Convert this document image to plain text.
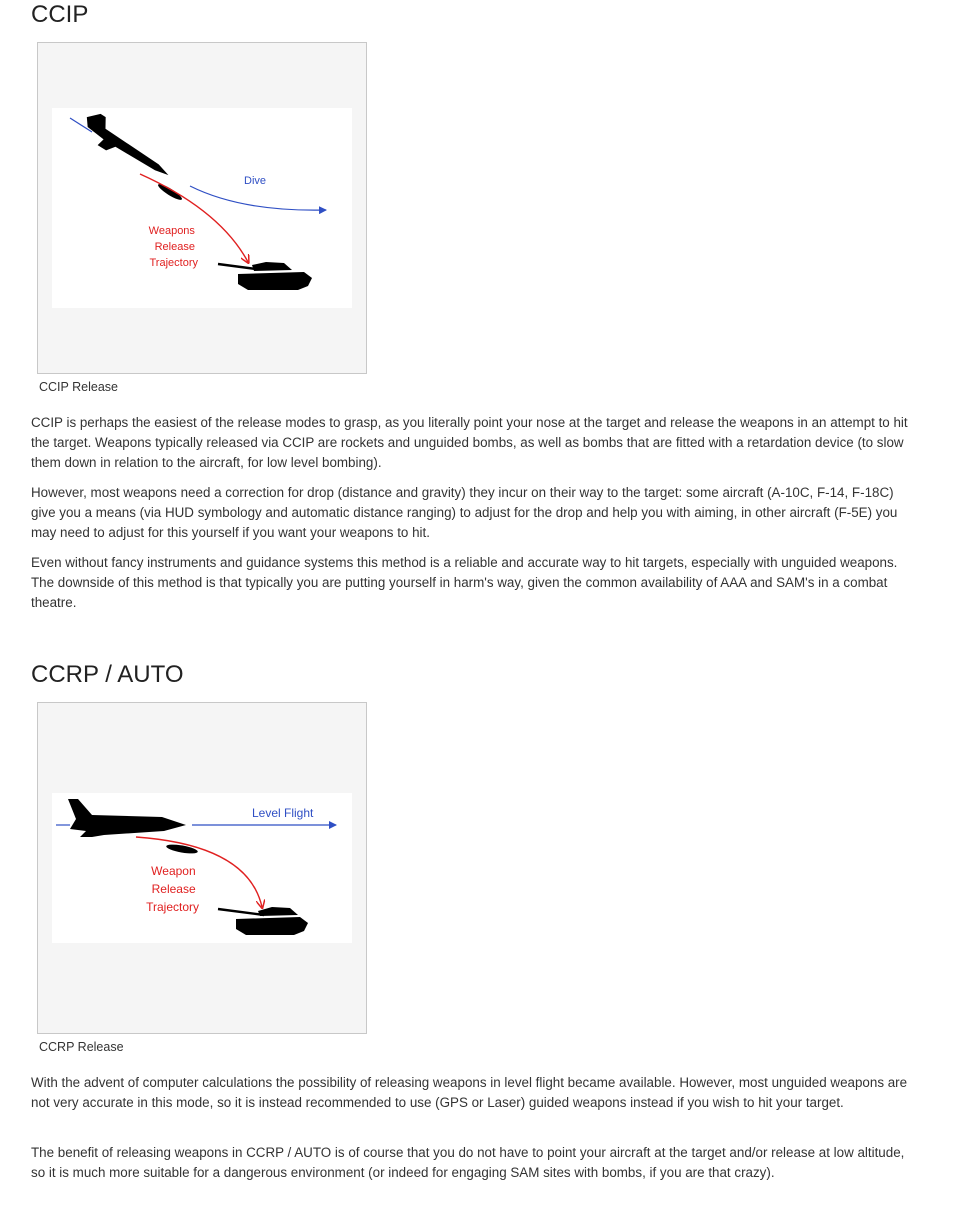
CCIP
Dive
Weapons Release Trajectory
CCIP Release

CCIP is perhaps the easiest of the release modes to grasp, as you literally point your nose at the target and release the weapons in an attempt to hit the target. Weapons typically released via CCIP are rockets and unguided bombs, as well as bombs that are fitted with a retardation device (to slow them down in relation to the aircraft, for low level bombing).

However, most weapons need a correction for drop (distance and gravity) they incur on their way to the target: some aircraft (A-10C, F-14, F-18C) give you a means (via HUD symbology and automatic distance ranging) to adjust for the drop and help you with aiming, in other aircraft (F-5E) you may need to adjust for this yourself if you want your weapons to hit.

Even without fancy instruments and guidance systems this method is a reliable and accurate way to hit targets, especially with unguided weapons. The downside of this method is that typically you are putting yourself in harm's way, given the common availability of AAA and SAM's in a combat theatre.

CCRP / AUTO
Level Flight
Weapon Release Trajectory
CCRP Release

With the advent of computer calculations the possibility of releasing weapons in level flight became available. However, most unguided weapons are not very accurate in this mode, so it is instead recommended to use (GPS or Laser) guided weapons instead if you wish to hit your target.

The benefit of releasing weapons in CCRP / AUTO is of course that you do not have to point your aircraft at the target and/or release at low altitude, so it is much more suitable for a dangerous environment (or indeed for engaging SAM sites with bombs, if you are that crazy).
